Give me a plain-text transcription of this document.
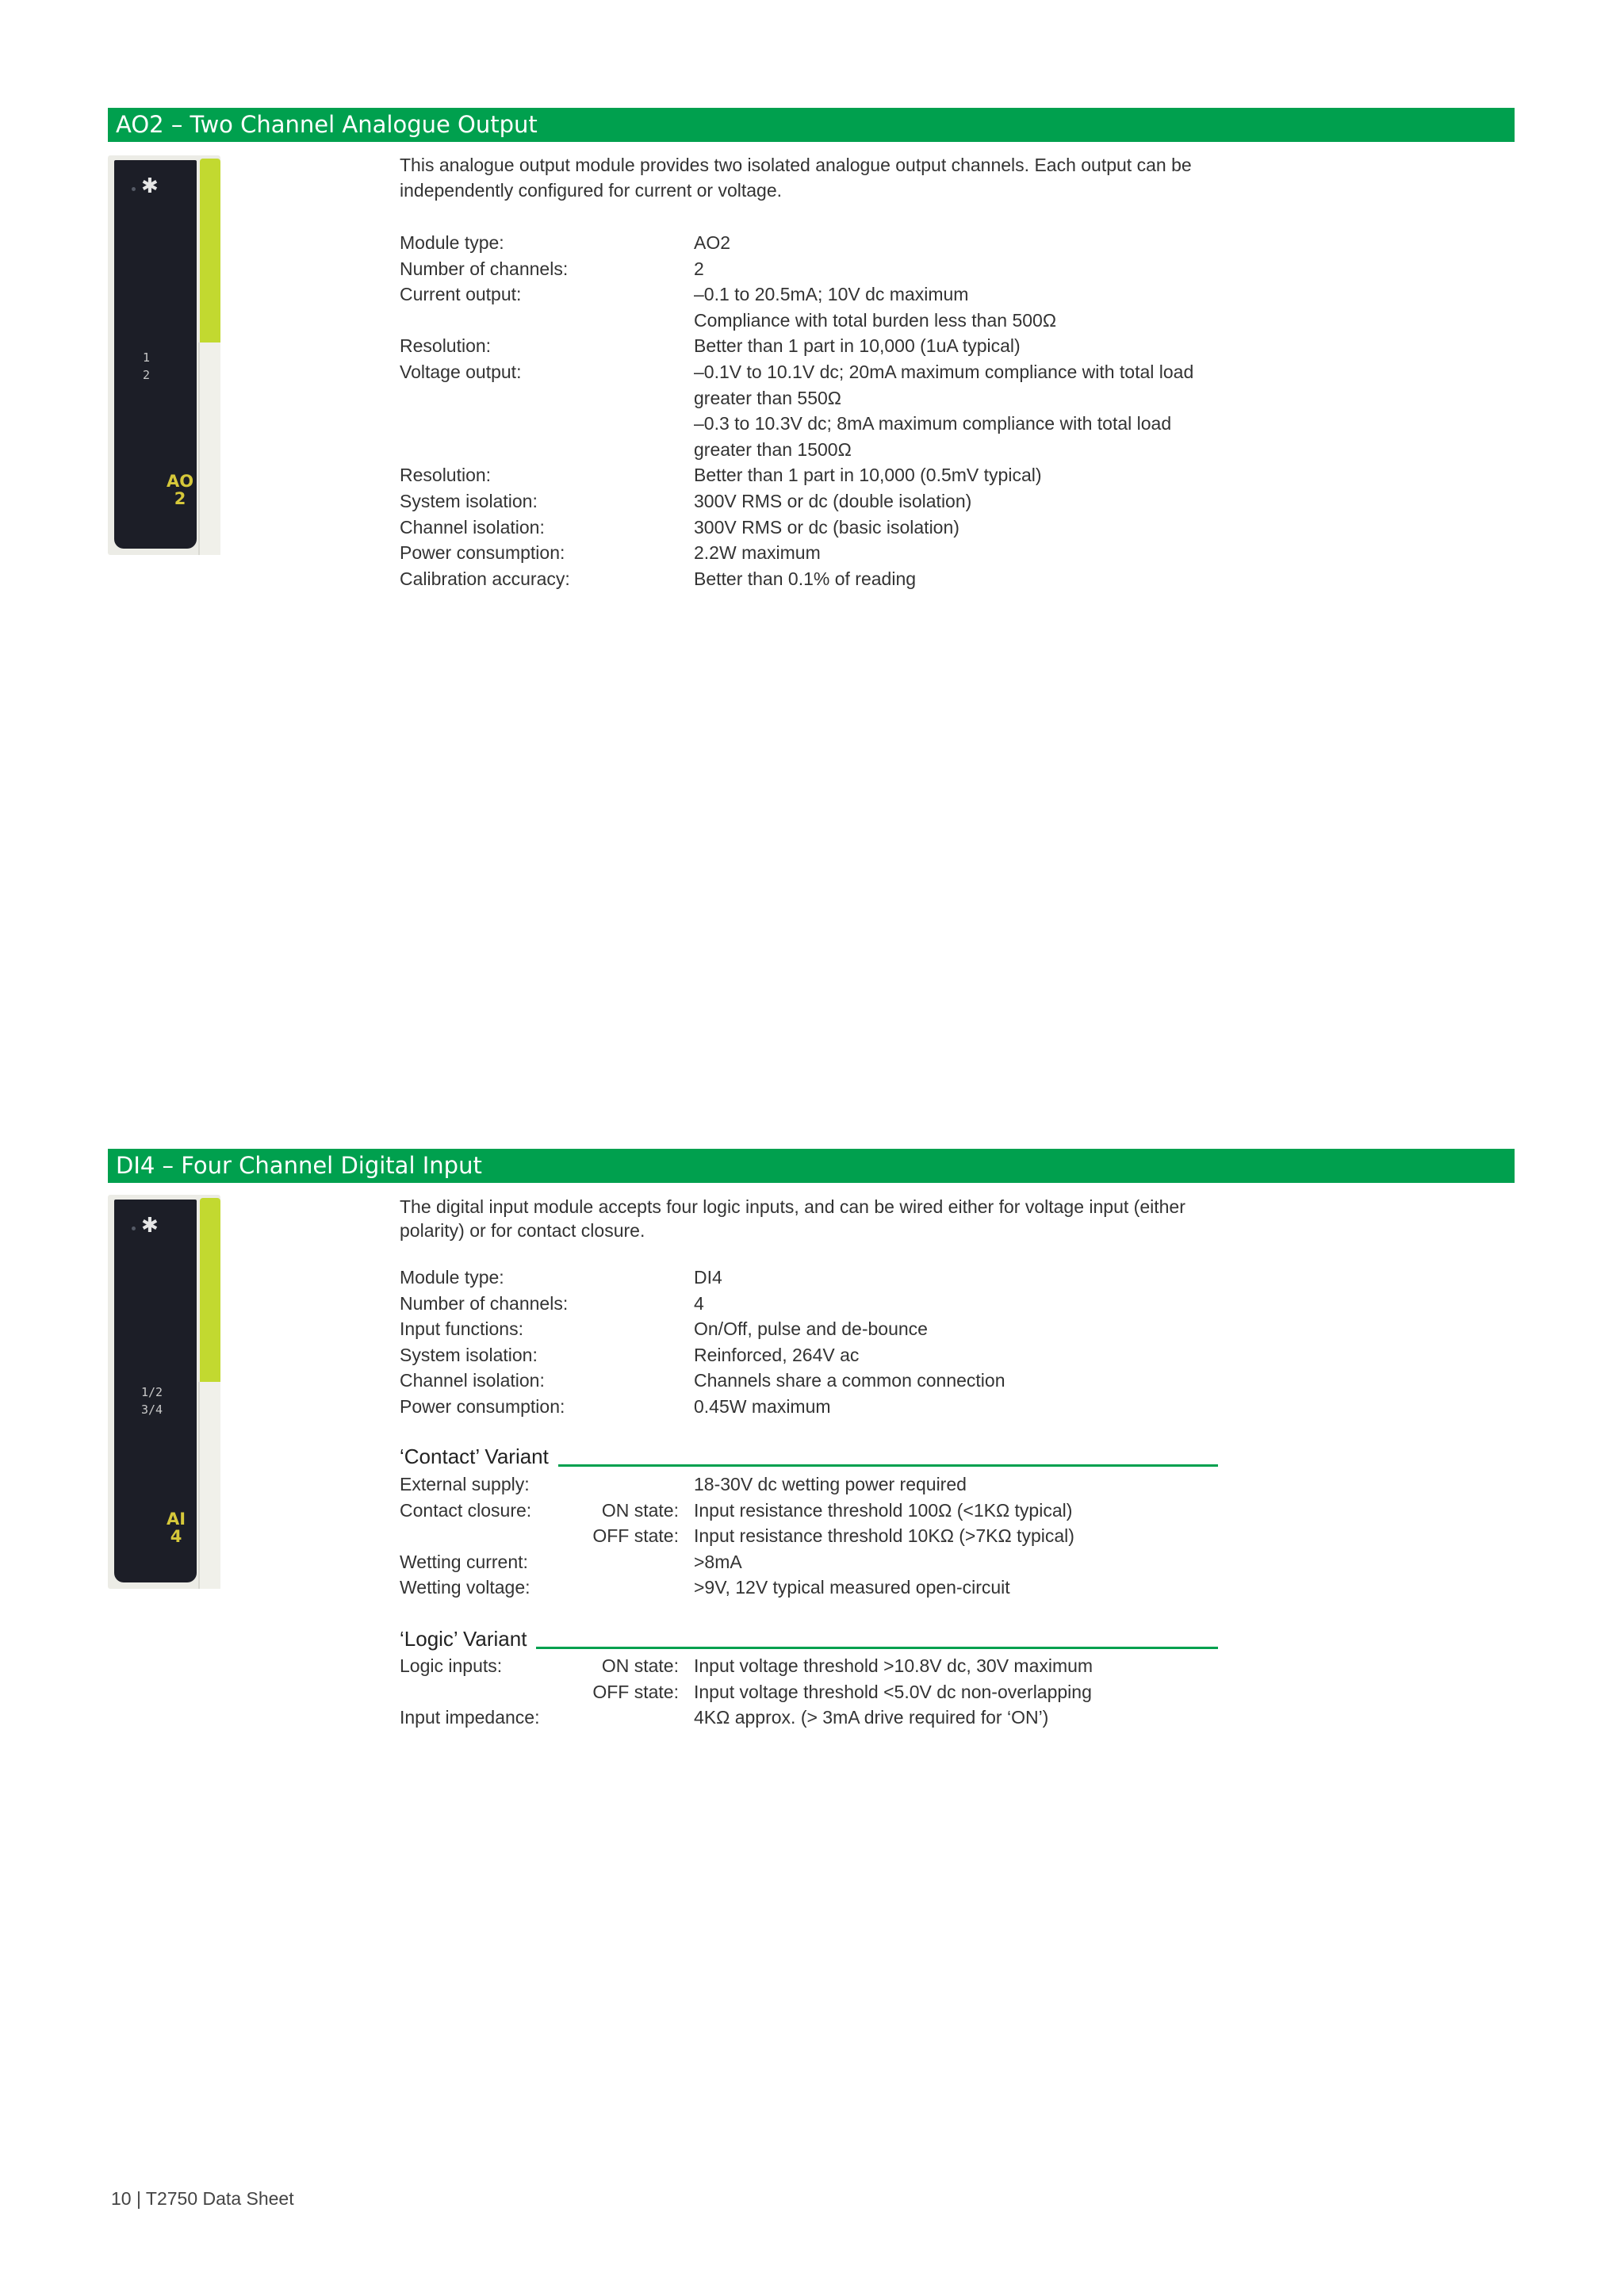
AO2 – Two Channel Analogue Output
✱
1
2
AO
2

This analogue output module provides two isolated analogue output channels. Each output can be
independently configured for current or voltage.

Module type:	AO2
Number of channels:	2
Current output:	–0.1 to 20.5mA; 10V dc maximum
Compliance with total burden less than 500Ω
Resolution:	Better than 1 part in 10,000 (1uA typical)
Voltage output:	–0.1V to 10.1V dc; 20mA maximum compliance with total load
greater than 550Ω
–0.3 to 10.3V dc; 8mA maximum compliance with total load
greater than 1500Ω
Resolution:	Better than 1 part in 10,000 (0.5mV typical)
System isolation:	300V RMS or dc (double isolation)
Channel isolation:	300V RMS or dc (basic isolation)
Power consumption:	2.2W maximum
Calibration accuracy:	Better than 0.1% of reading
DI4 – Four Channel Digital Input
✱
1/2
3/4
AI
4

The digital input module accepts four logic inputs, and can be wired either for voltage input (either
polarity) or for contact closure.

Module type:	DI4
Number of channels:	4
Input functions:	On/Off, pulse and de-bounce
System isolation:	Reinforced, 264V ac
Channel isolation:	Channels share a common connection
Power consumption:	0.45W maximum
‘Contact’ Variant
External supply:	18-30V dc wetting power required
Contact closure:	ON state: Input resistance threshold 100Ω (<1KΩ typical)
OFF state: Input resistance threshold 10KΩ (>7KΩ typical)
Wetting current:	>8mA
Wetting voltage:	>9V, 12V typical measured open-circuit
‘Logic’ Variant
Logic inputs:	ON state: Input voltage threshold >10.8V dc, 30V maximum
OFF state: Input voltage threshold <5.0V dc non-overlapping
Input impedance:	4KΩ approx. (> 3mA drive required for ‘ON’)
10 | T2750 Data Sheet
